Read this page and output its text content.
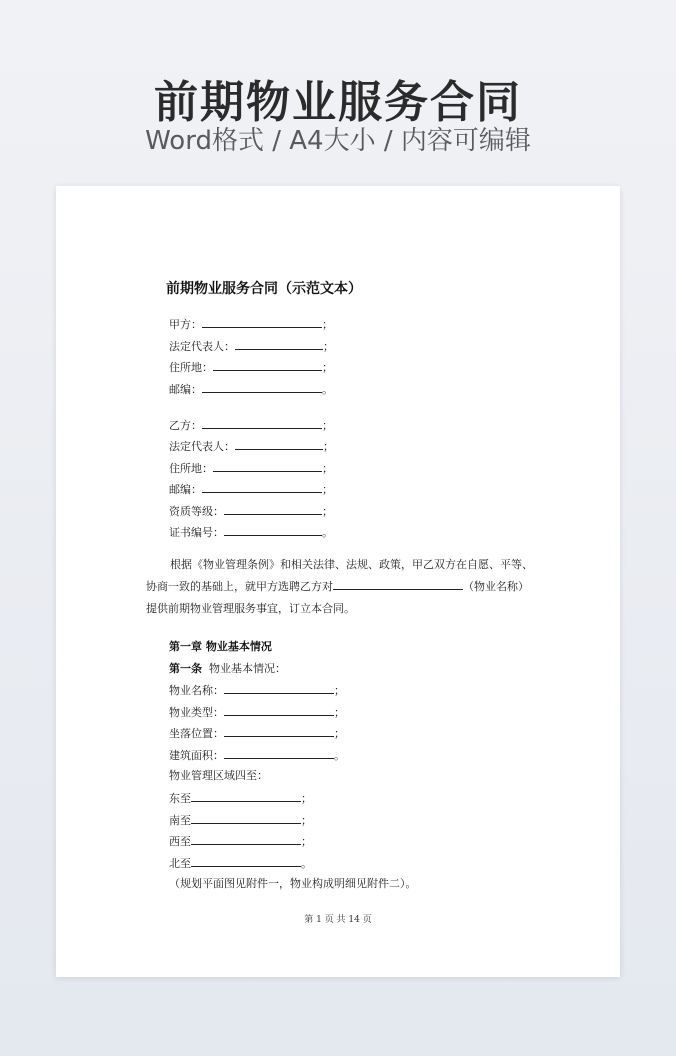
前期物业服务合同
Word格式 / A4大小 / 内容可编辑
前期物业服务合同（示范文本）
甲方：	；
法定代表人：	；
住所地：	；
邮编：	。
乙方：	；
法定代表人：	；
住所地：	；
邮编：	；
资质等级：	；
证书编号：	。
根据《物业管理条例》和相关法律、法规、政策，甲乙双方在自愿、平等、
协商一致的基础上，就甲方选聘乙方对	（物业名称）
提供前期物业管理服务事宜，订立本合同。
第一章 物业基本情况
第一条 物业基本情况：
物业名称：	；
物业类型：	；
坐落位置：	；
建筑面积：	。
物业管理区域四至：
东至	；
南至	；
西至	；
北至	。
（规划平面图见附件一，物业构成明细见附件二）。
第 1 页 共 14 页
